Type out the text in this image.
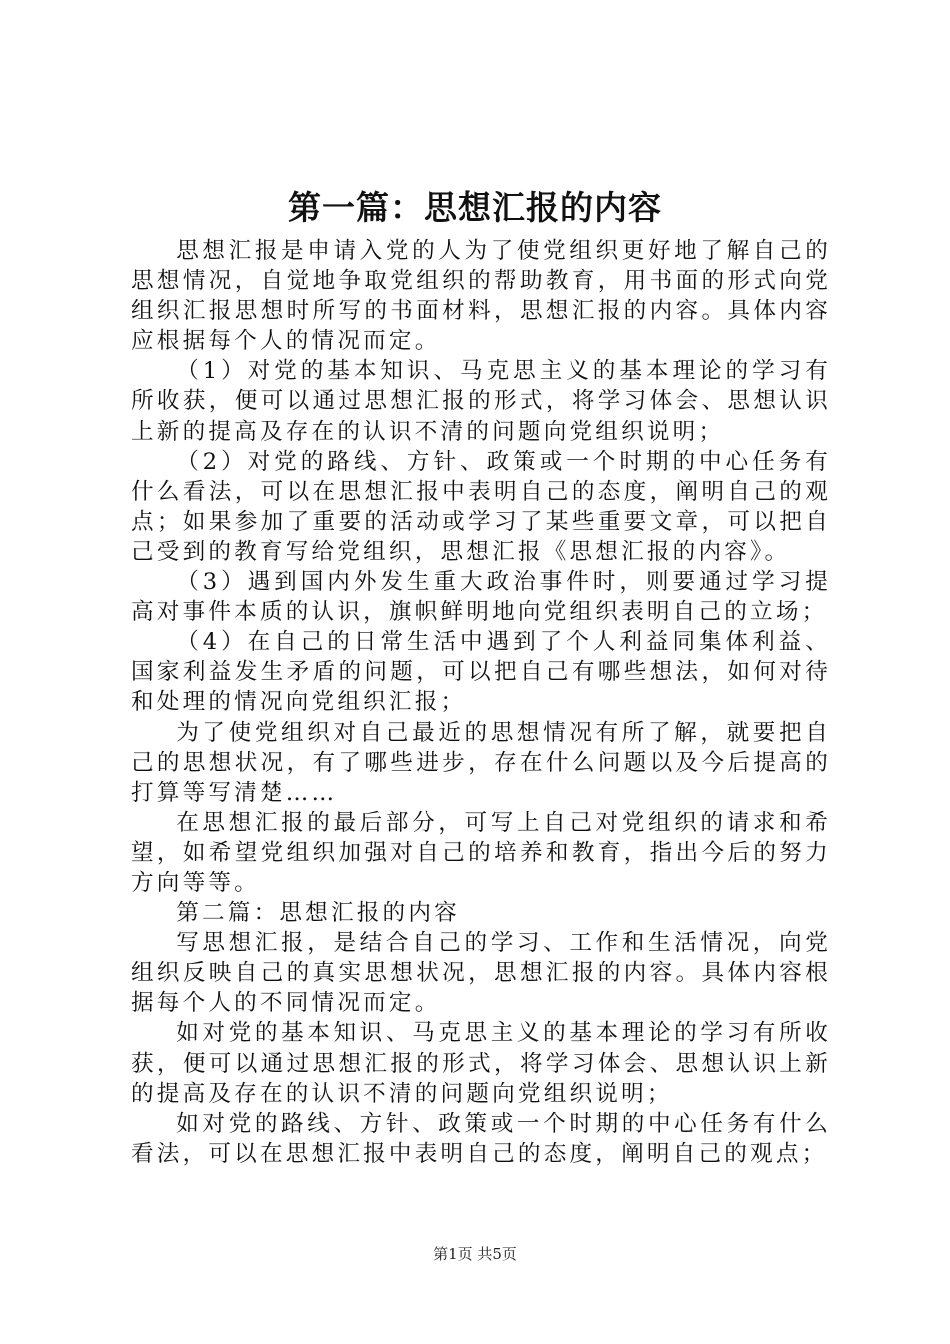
第一篇：思想汇报的内容

思想汇报是申请入党的人为了使党组织更好地了解自己的思想情况，自觉地争取党组织的帮助教育，用书面的形式向党组织汇报思想时所写的书面材料，思想汇报的内容。具体内容应根据每个人的情况而定。

（1）对党的基本知识、马克思主义的基本理论的学习有所收获，便可以通过思想汇报的形式，将学习体会、思想认识上新的提高及存在的认识不清的问题向党组织说明；

（2）对党的路线、方针、政策或一个时期的中心任务有什么看法，可以在思想汇报中表明自己的态度，阐明自己的观点；如果参加了重要的活动或学习了某些重要文章，可以把自己受到的教育写给党组织，思想汇报《思想汇报的内容》。

（3）遇到国内外发生重大政治事件时，则要通过学习提高对事件本质的认识，旗帜鲜明地向党组织表明自己的立场；

（4）在自己的日常生活中遇到了个人利益同集体利益、国家利益发生矛盾的问题，可以把自己有哪些想法，如何对待和处理的情况向党组织汇报；

为了使党组织对自己最近的思想情况有所了解，就要把自己的思想状况，有了哪些进步，存在什么问题以及今后提高的打算等写清楚……

在思想汇报的最后部分，可写上自己对党组织的请求和希望，如希望党组织加强对自己的培养和教育，指出今后的努力方向等等。

第二篇：思想汇报的内容

写思想汇报，是结合自己的学习、工作和生活情况，向党组织反映自己的真实思想状况，思想汇报的内容。具体内容根据每个人的不同情况而定。

如对党的基本知识、马克思主义的基本理论的学习有所收获，便可以通过思想汇报的形式，将学习体会、思想认识上新的提高及存在的认识不清的问题向党组织说明；

如对党的路线、方针、政策或一个时期的中心任务有什么看法，可以在思想汇报中表明自己的态度，阐明自己的观点；

第1页 共5页
